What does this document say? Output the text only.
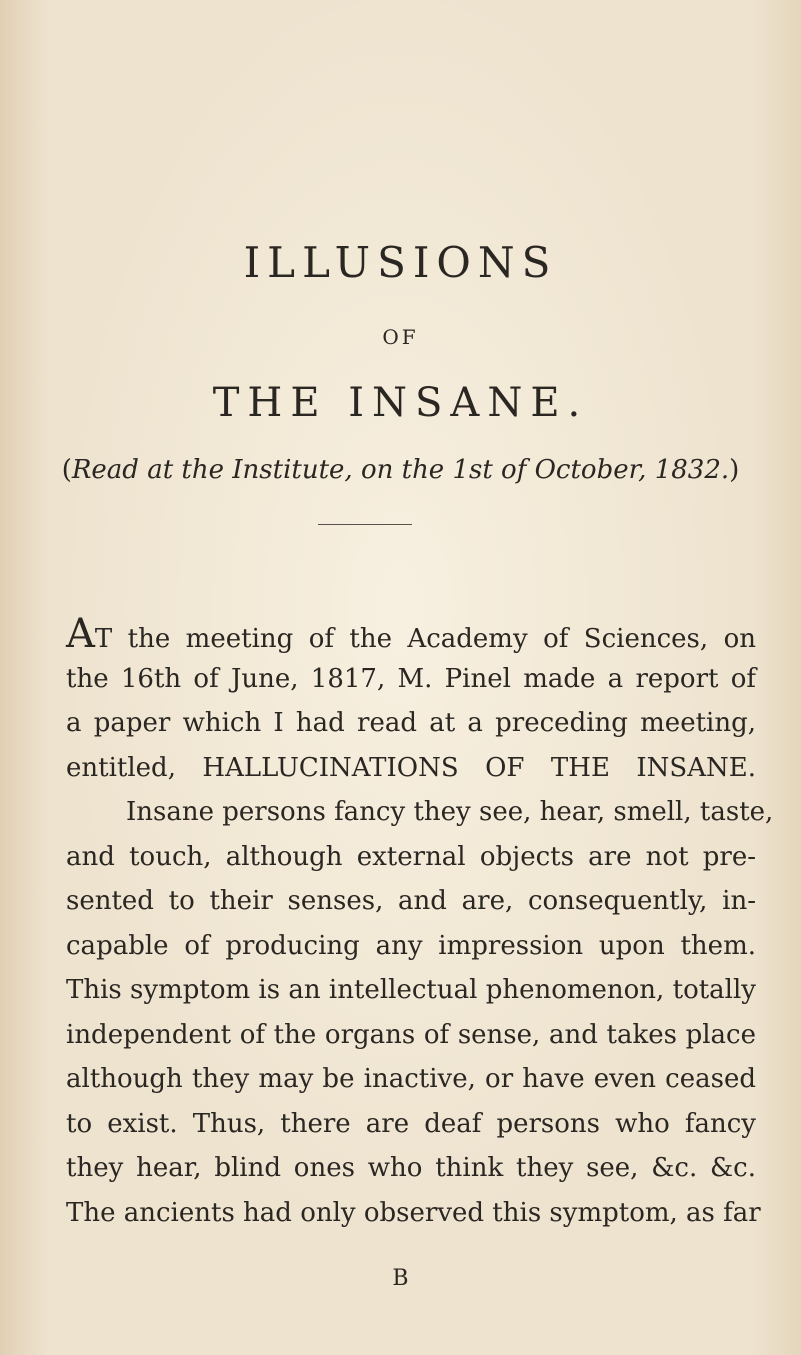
ILLUSIONS
OF
THE INSANE.
(Read at the Institute, on the 1st of October, 1832.)
AT the meeting of the Academy of Sciences, on
the 16th of June, 1817, M. Pinel made a report of
a paper which I had read at a preceding meeting,
entitled, HALLUCINATIONS OF THE INSANE.
Insane persons fancy they see, hear, smell, taste,
and touch, although external objects are not pre-
sented to their senses, and are, consequently, in-
capable of producing any impression upon them.
This symptom is an intellectual phenomenon, totally
independent of the organs of sense, and takes place
although they may be inactive, or have even ceased
to exist. Thus, there are deaf persons who fancy
they hear, blind ones who think they see, &c. &c.
The ancients had only observed this symptom, as far
B
